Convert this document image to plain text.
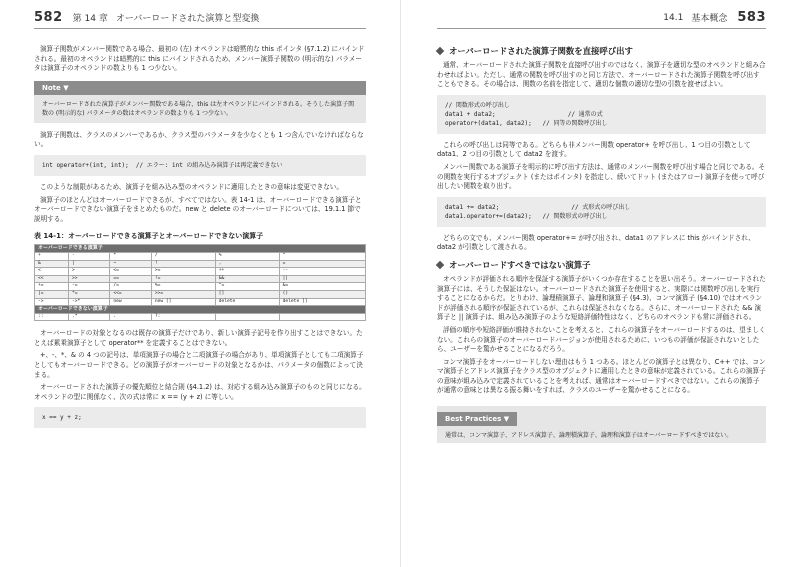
582 第 14 章 オーバーロードされた演算と型変換

演算子関数がメンバー関数である場合、最初の (左) オペランドは暗黙的な this ポインタ (§7.1.2) にバインドされる。最初のオペランドは暗黙的に this にバインドされるため、メンバー演算子関数の (明示的な) パラメータは演算子のオペランドの数よりも 1 つ少ない。

Note ▼
オーバーロードされた演算子がメンバー関数である場合、this は左オペランドにバインドされる。そうした演算子関数の (明示的な) パラメータの数はオペランドの数よりも 1 つ少ない。

演算子関数は、クラスのメンバーであるか、クラス型のパラメータを少なくとも 1 つ含んでいなければならない。

int operator+(int, int);  // エラー: int の組み込み演算子は再定義できない

このような制限があるため、演算子を組み込み型のオペランドに適用したときの意味は変更できない。

演算子のほとんどはオーバーロードできるが、すべてではない。表 14-1 は、オーバーロードできる演算子とオーバーロードできない演算子をまとめたものだ。new と delete のオーバーロードについては、19.1.1 節で説明する。

表 14-1：オーバーロードできる演算子とオーバーロードできない演算子
オーバーロードできる演算子					
+	-	*	/	%	^
&	|	~	!	,	=
<	>	<=	>=	++	--
<<	>>	==	!=	&&	||
+=	-=	/=	%=	^=	&=
|=	*=	<<=	>>=	[]	()
->	->*	new	new []	delete	delete []
オーバーロードできない演算子					
::	.*	.	?:		

オーバーロードの対象となるのは既存の演算子だけであり、新しい演算子記号を作り出すことはできない。たとえば累乗演算子として operator** を定義することはできない。

+、-、*、& の 4 つの記号は、単項演算子の場合と二項演算子の場合があり、単項演算子としても二項演算子としてもオーバーロードできる。どの演算子がオーバーロードの対象となるかは、パラメータの個数によって決まる。

オーバーロードされた演算子の優先順位と結合則 (§4.1.2) は、対応する組み込み演算子のものと同じになる。オペランドの型に関係なく、次の式は常に x == (y + z) に等しい。

x == y + z;
14.1 基本概念 583
オーバーロードされた演算子関数を直接呼び出す

通常、オーバーロードされた演算子関数を直接呼び出すのではなく、演算子を適切な型のオペランドと組み合わせればよい。ただし、通常の関数を呼び出すのと同じ方法で、オーバーロードされた演算子関数を呼び出すこともできる。その場合は、関数の名前を指定して、適切な個数の適切な型の引数を渡せばよい。

// 関数形式の呼び出し
data1 + data2;                    // 通常の式
operator+(data1, data2);   // 同等の関数呼び出し

これらの呼び出しは同等である。どちらも非メンバー関数 operator+ を呼び出し、1 つ目の引数として data1、2 つ目の引数として data2 を渡す。

メンバー関数である演算子を明示的に呼び出す方法は、通常のメンバー関数を呼び出す場合と同じである。その関数を実行するオブジェクト (またはポインタ) を指定し、続いてドット (またはアロー) 演算子を使って呼び出したい関数を取り出す。

data1 += data2;                    // 式形式の呼び出し
data1.operator+=(data2);   // 関数形式の呼び出し

どちらの文でも、メンバー関数 operator+= が呼び出され、data1 のアドレスに this がバインドされ、data2 が引数として渡される。

オーバーロードすべきではない演算子

オペランドが評価される順序を保証する演算子がいくつか存在することを思い出そう。オーバーロードされた演算子には、そうした保証はない。オーバーロードされた演算子を使用すると、実際には関数呼び出しを実行することになるからだ。とりわけ、論理積演算子、論理和演算子 (§4.3)、コンマ演算子 (§4.10) ではオペランドが評価される順序が保証されているが、これらは保証されなくなる。さらに、オーバーロードされた && 演算子と || 演算子は、組み込み演算子のような短絡評価特性はなく、どちらのオペランドも常に評価される。

評価の順序や短絡評価が維持されないことを考えると、これらの演算子をオーバーロードするのは、望ましくない。これらの演算子のオーバーロードバージョンが使用されるために、いつもの評価が保証されないとしたら、ユーザーを驚かせることになるだろう。

コンマ演算子をオーバーロードしない理由はもう 1 つある。ほとんどの演算子とは異なり、C++ では、コンマ演算子とアドレス演算子をクラス型のオブジェクトに適用したときの意味が定義されている。これらの演算子の意味が組み込みで定義されていることを考えれば、通常はオーバーロードすべきではない。これらの演算子が通常の意味とは異なる振る舞いをすれば、クラスのユーザーを驚かせることになる。

Best Practices ▼
通常は、コンマ演算子、アドレス演算子、論理積演算子、論理和演算子はオーバーロードすべきではない。
